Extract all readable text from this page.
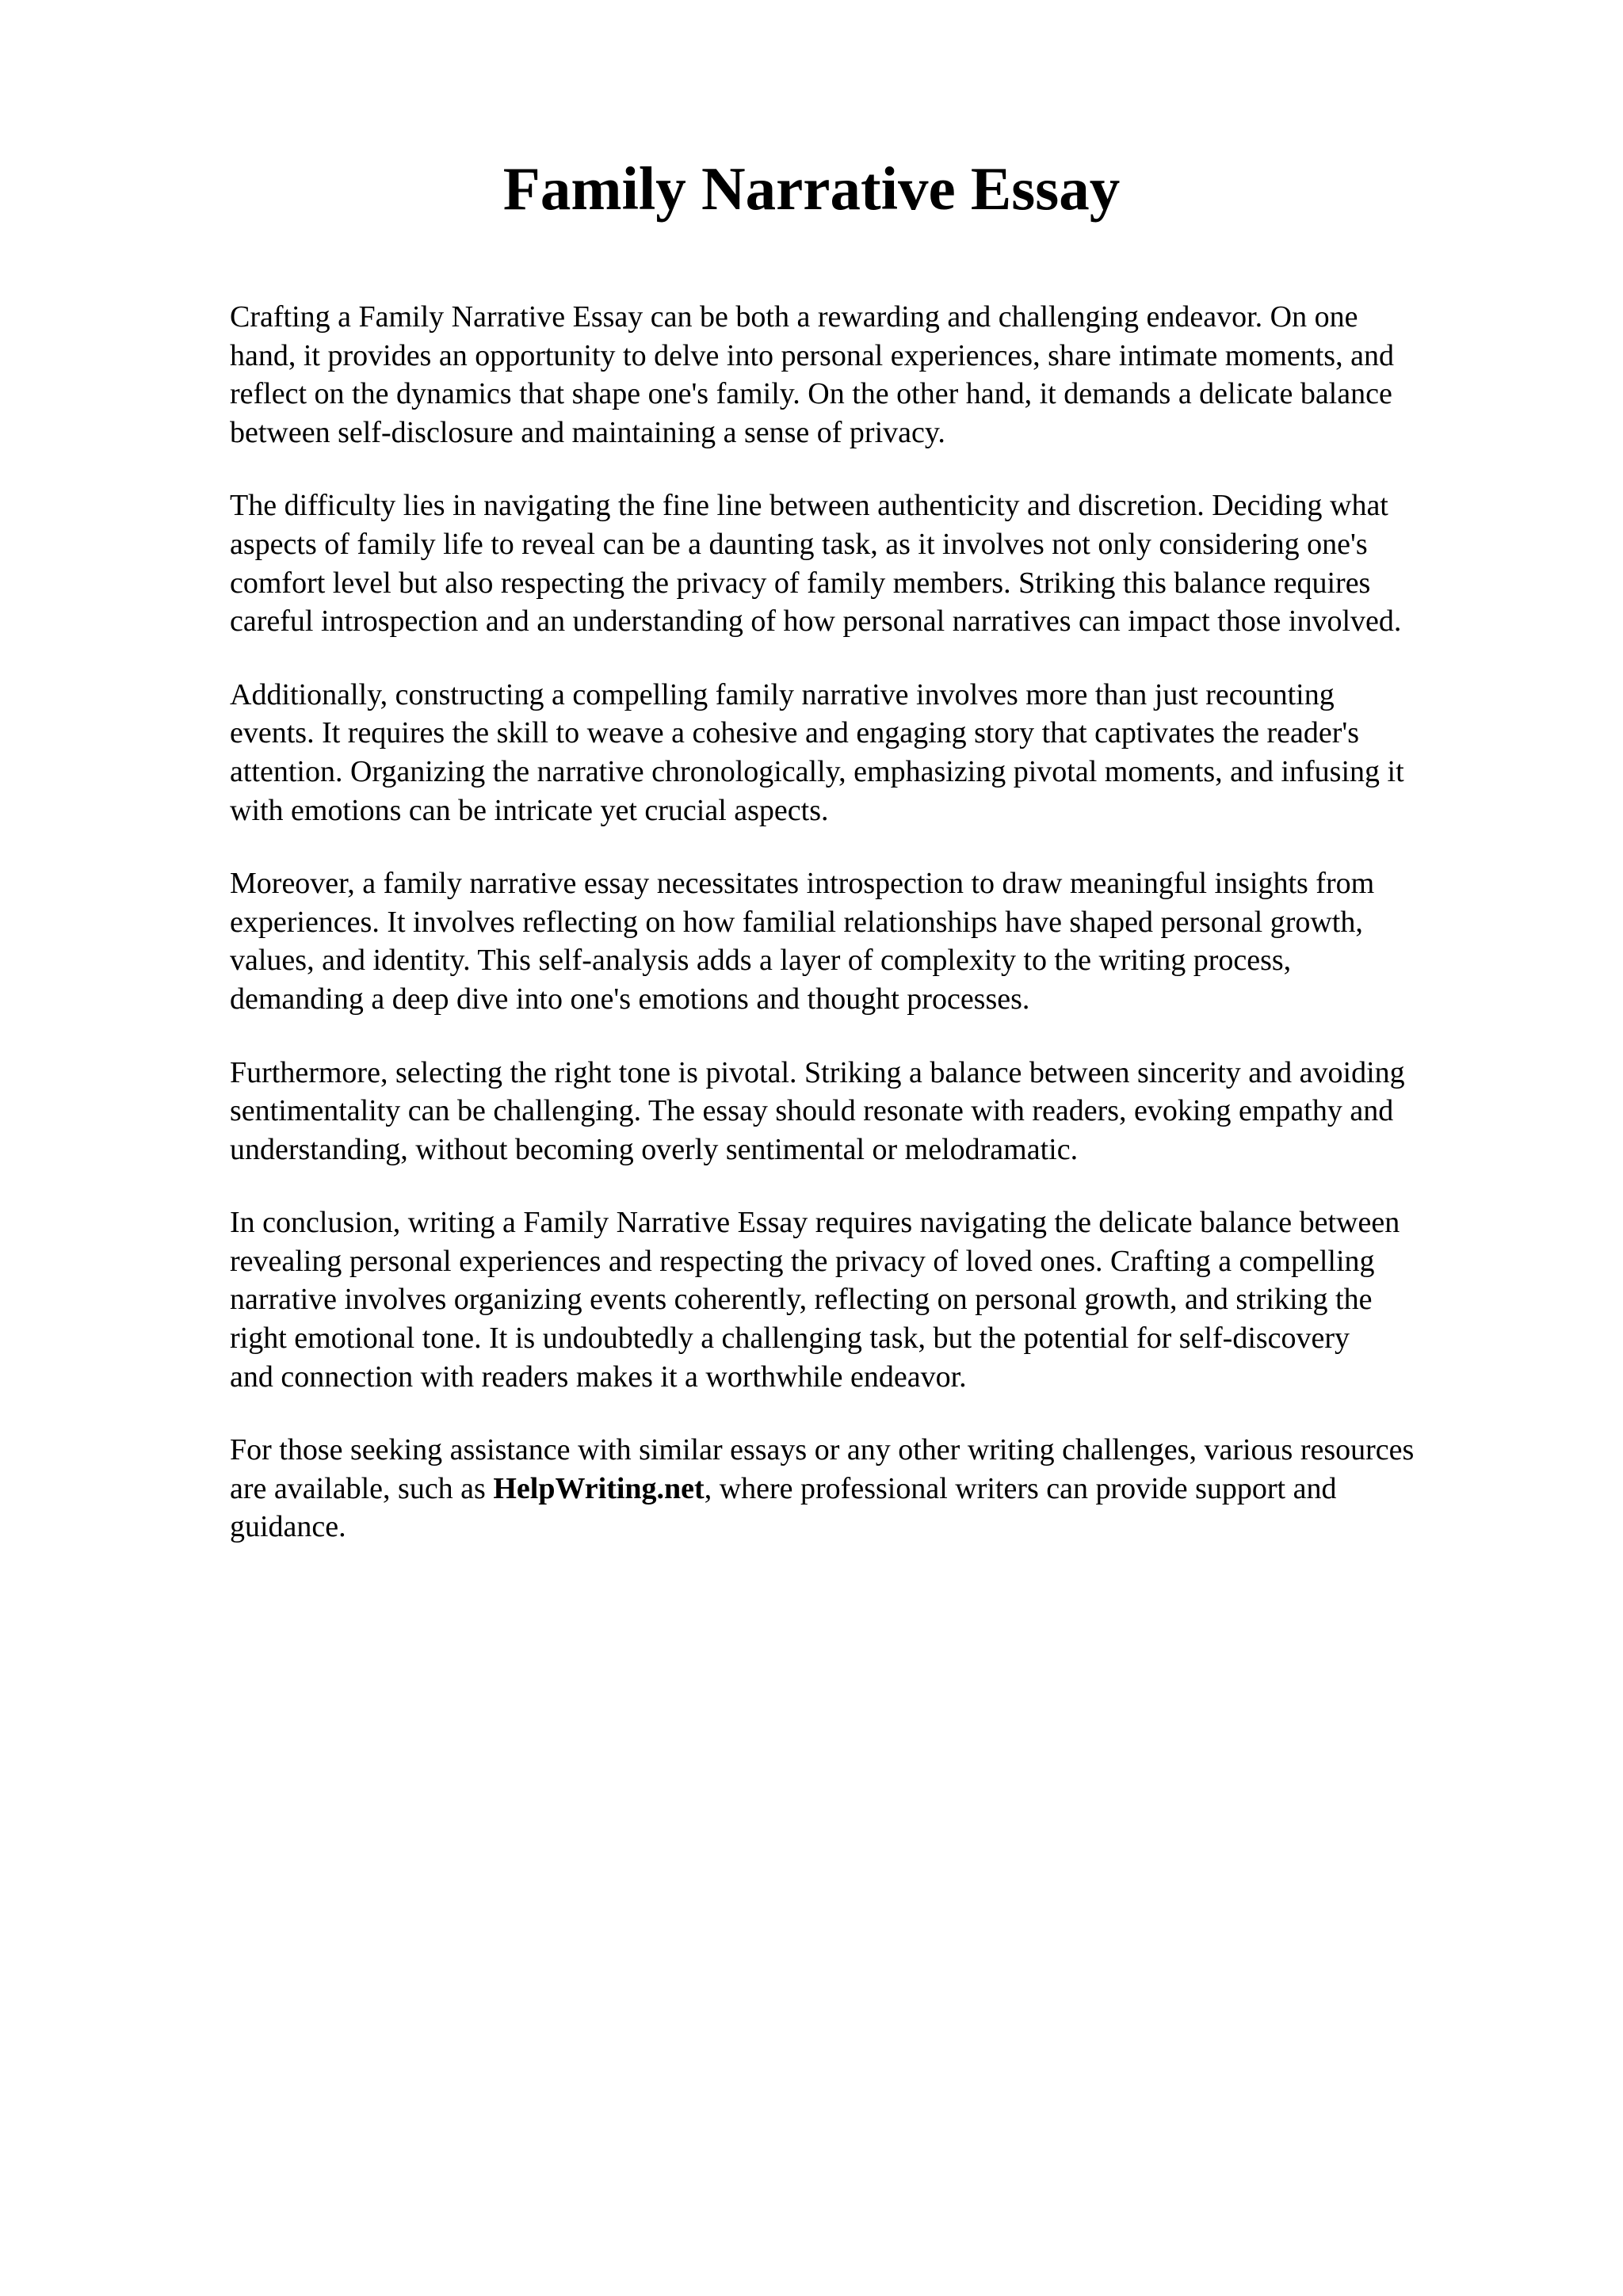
Family Narrative Essay

Crafting a Family Narrative Essay can be both a rewarding and challenging endeavor. On one
hand, it provides an opportunity to delve into personal experiences, share intimate moments, and
reflect on the dynamics that shape one's family. On the other hand, it demands a delicate balance
between self-disclosure and maintaining a sense of privacy.

The difficulty lies in navigating the fine line between authenticity and discretion. Deciding what
aspects of family life to reveal can be a daunting task, as it involves not only considering one's
comfort level but also respecting the privacy of family members. Striking this balance requires
careful introspection and an understanding of how personal narratives can impact those involved.

Additionally, constructing a compelling family narrative involves more than just recounting
events. It requires the skill to weave a cohesive and engaging story that captivates the reader's
attention. Organizing the narrative chronologically, emphasizing pivotal moments, and infusing it
with emotions can be intricate yet crucial aspects.

Moreover, a family narrative essay necessitates introspection to draw meaningful insights from
experiences. It involves reflecting on how familial relationships have shaped personal growth,
values, and identity. This self-analysis adds a layer of complexity to the writing process,
demanding a deep dive into one's emotions and thought processes.

Furthermore, selecting the right tone is pivotal. Striking a balance between sincerity and avoiding
sentimentality can be challenging. The essay should resonate with readers, evoking empathy and
understanding, without becoming overly sentimental or melodramatic.

In conclusion, writing a Family Narrative Essay requires navigating the delicate balance between
revealing personal experiences and respecting the privacy of loved ones. Crafting a compelling
narrative involves organizing events coherently, reflecting on personal growth, and striking the
right emotional tone. It is undoubtedly a challenging task, but the potential for self-discovery
and connection with readers makes it a worthwhile endeavor.

For those seeking assistance with similar essays or any other writing challenges, various resources
are available, such as HelpWriting.net, where professional writers can provide support and
guidance.
